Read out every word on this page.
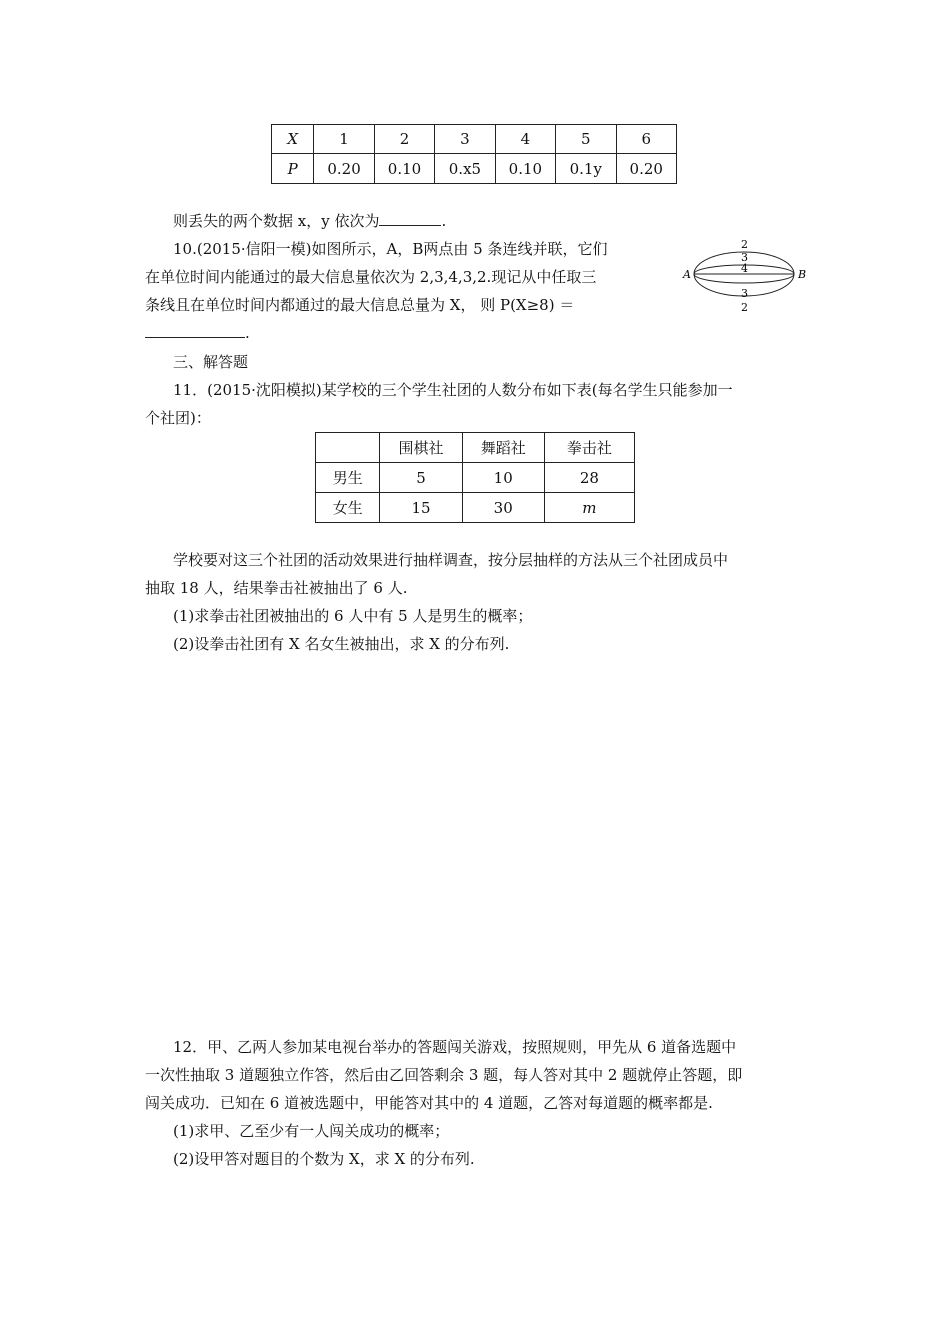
X	1	2	3	4	5	6
P	0.20	0.10	0.x5	0.10	0.1y	0.20
则丢失的两个数据 x，y 依次为	.
10.(2015·信阳一模)如图所示，A，B两点由 5 条连线并联，它们
在单位时间内能通过的最大信息量依次为 2,3,4,3,2.现记从中任取三
条线且在单位时间内都通过的最大信息总量为 X， 则 P(X≥8) ＝
.
A	B
2
3
4
3
2
三、解答题
11．(2015·沈阳模拟)某学校的三个学生社团的人数分布如下表(每名学生只能参加一
个社团)：
	围棋社	舞蹈社	拳击社
男生	5	10	28
女生	15	30	m
学校要对这三个社团的活动效果进行抽样调查，按分层抽样的方法从三个社团成员中
抽取 18 人，结果拳击社被抽出了 6 人.
(1)求拳击社团被抽出的 6 人中有 5 人是男生的概率；
(2)设拳击社团有 X 名女生被抽出，求 X 的分布列.
12．甲、乙两人参加某电视台举办的答题闯关游戏，按照规则，甲先从 6 道备选题中
一次性抽取 3 道题独立作答，然后由乙回答剩余 3 题，每人答对其中 2 题就停止答题，即
闯关成功．已知在 6 道被选题中，甲能答对其中的 4 道题，乙答对每道题的概率都是.
(1)求甲、乙至少有一人闯关成功的概率；
(2)设甲答对题目的个数为 X，求 X 的分布列.
